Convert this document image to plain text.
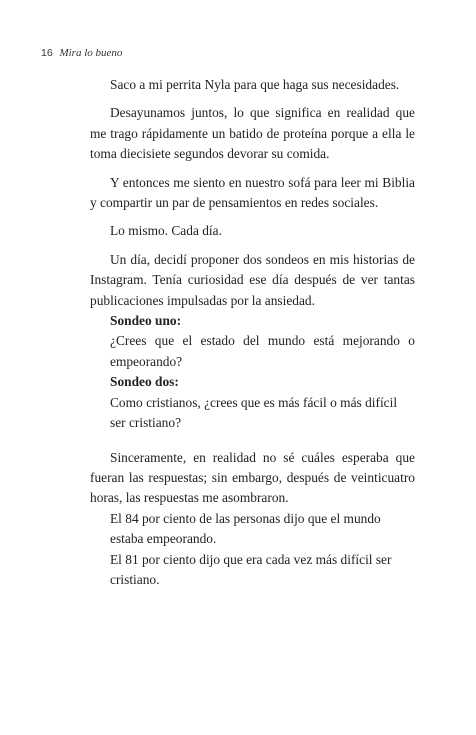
16 Mira lo bueno

Saco a mi perrita Nyla para que haga sus necesidades.

Desayunamos juntos, lo que significa en realidad que me trago rápidamente un batido de proteína porque a ella le toma diecisiete segundos devorar su comida.

Y entonces me siento en nuestro sofá para leer mi Biblia y compartir un par de pensamientos en redes sociales.

Lo mismo. Cada día.

Un día, decidí proponer dos sondeos en mis historias de Instagram. Tenía curiosidad ese día después de ver tantas publicaciones impulsadas por la ansiedad.

Sondeo uno:

¿Crees que el estado del mundo está mejorando o empeorando?

Sondeo dos:

Como cristianos, ¿crees que es más fácil o más difícil ser cristiano?

Sinceramente, en realidad no sé cuáles esperaba que fueran las respuestas; sin embargo, después de veinticuatro horas, las respuestas me asombraron.

El 84 por ciento de las personas dijo que el mundo estaba empeorando.

El 81 por ciento dijo que era cada vez más difícil ser cristiano.
